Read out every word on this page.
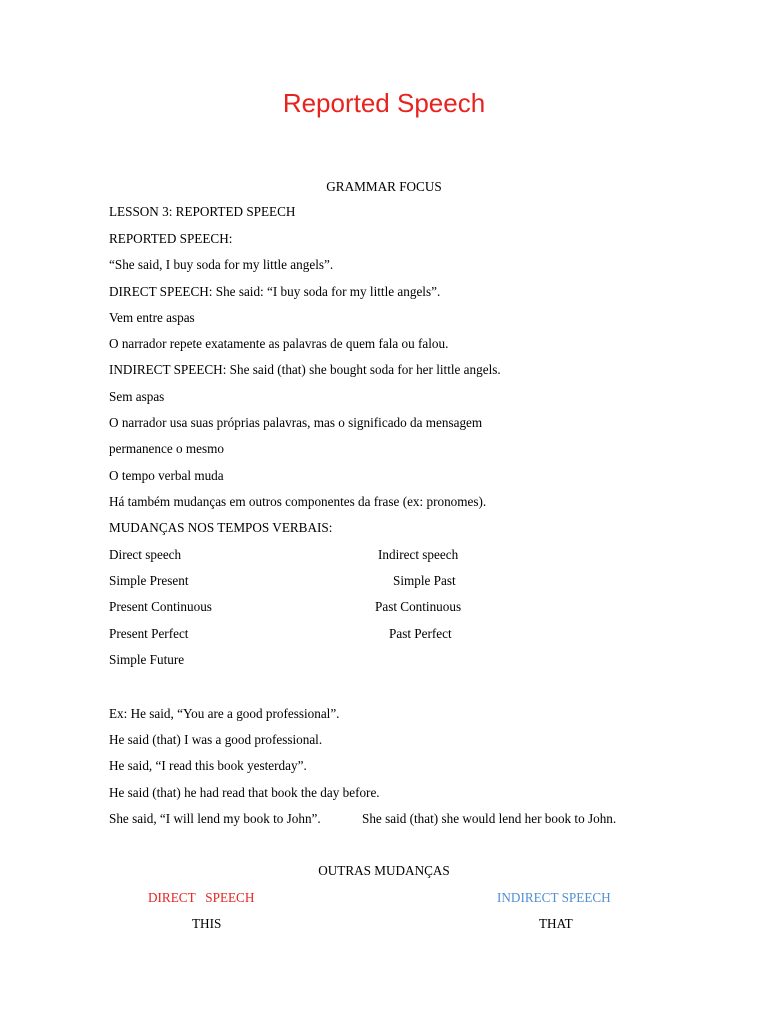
Reported Speech
GRAMMAR FOCUS
LESSON 3: REPORTED SPEECH
REPORTED SPEECH:
“She said, I buy soda for my little angels”.
DIRECT SPEECH: She said: “I buy soda for my little angels”.
Vem entre aspas
O narrador repete exatamente as palavras de quem fala ou falou.
INDIRECT SPEECH: She said (that) she bought soda for her little angels.
Sem aspas
O narrador usa suas próprias palavras, mas o significado da mensagem
permanence o mesmo
O tempo verbal muda
Há também mudanças em outros componentes da frase (ex: pronomes).
MUDANÇAS NOS TEMPOS VERBAIS:
Direct speech	Indirect speech
Simple Present	Simple Past
Present Continuous	Past Continuous
Present Perfect	Past Perfect
Simple Future
Ex: He said, “You are a good professional”.
He said (that) I was a good professional.
He said, “I read this book yesterday”.
He said (that) he had read that book the day before.
She said, “I will lend my book to John”.	She said (that) she would lend her book to John.
OUTRAS MUDANÇAS
DIRECT   SPEECH	INDIRECT SPEECH
THIS	THAT
